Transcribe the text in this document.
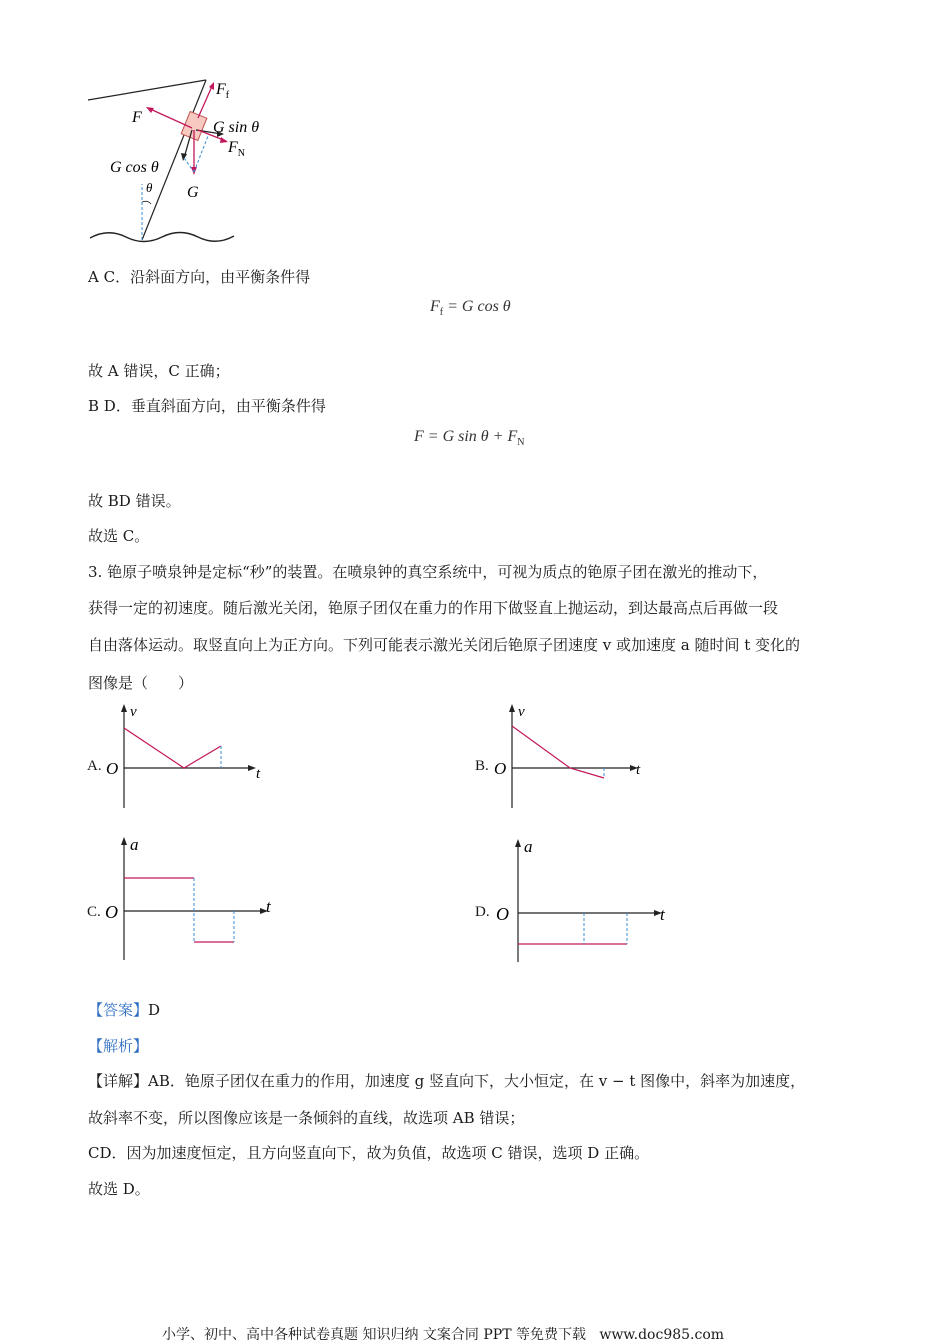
$F_f$
F
G sin θ
$F_N$
G cos θ
θ G
A C．沿斜面方向，由平衡条件得
$F_f = G$ cos θ
故 A 错误，C 正确；
B D．垂直斜面方向，由平衡条件得
F = G $\sin \theta + F_N$
故 BD 错误。
故选 C。
3. 铯原子喷泉钟是定标“秒”的装置。在喷泉钟的真空系统中，可视为质点的铯原子团在激光的推动下，
获得一定的初速度。随后激光关闭，铯原子团仅在重力的作用下做竖直上抛运动，到达最高点后再做一段
自由落体运动。取竖直向上为正方向。下列可能表示激光关闭后铯原子团速度 v 或加速度 a 随时间 t 变化的
图像是（　　）
A.
v
O	t	B.
v
O	t
C.
a
O	t	D.
a
O	t
【答案】D
【解析】
【详解】AB．铯原子团仅在重力的作用，加速度 g 竖直向下，大小恒定，在 v − t 图像中，斜率为加速度，
故斜率不变，所以图像应该是一条倾斜的直线，故选项 AB 错误；
CD．因为加速度恒定，且方向竖直向下，故为负值，故选项 C 错误，选项 D 正确。
故选 D。
小学、初中、高中各种试卷真题 知识归纳 文案合同 PPT 等免费下载 www.doc985.com
